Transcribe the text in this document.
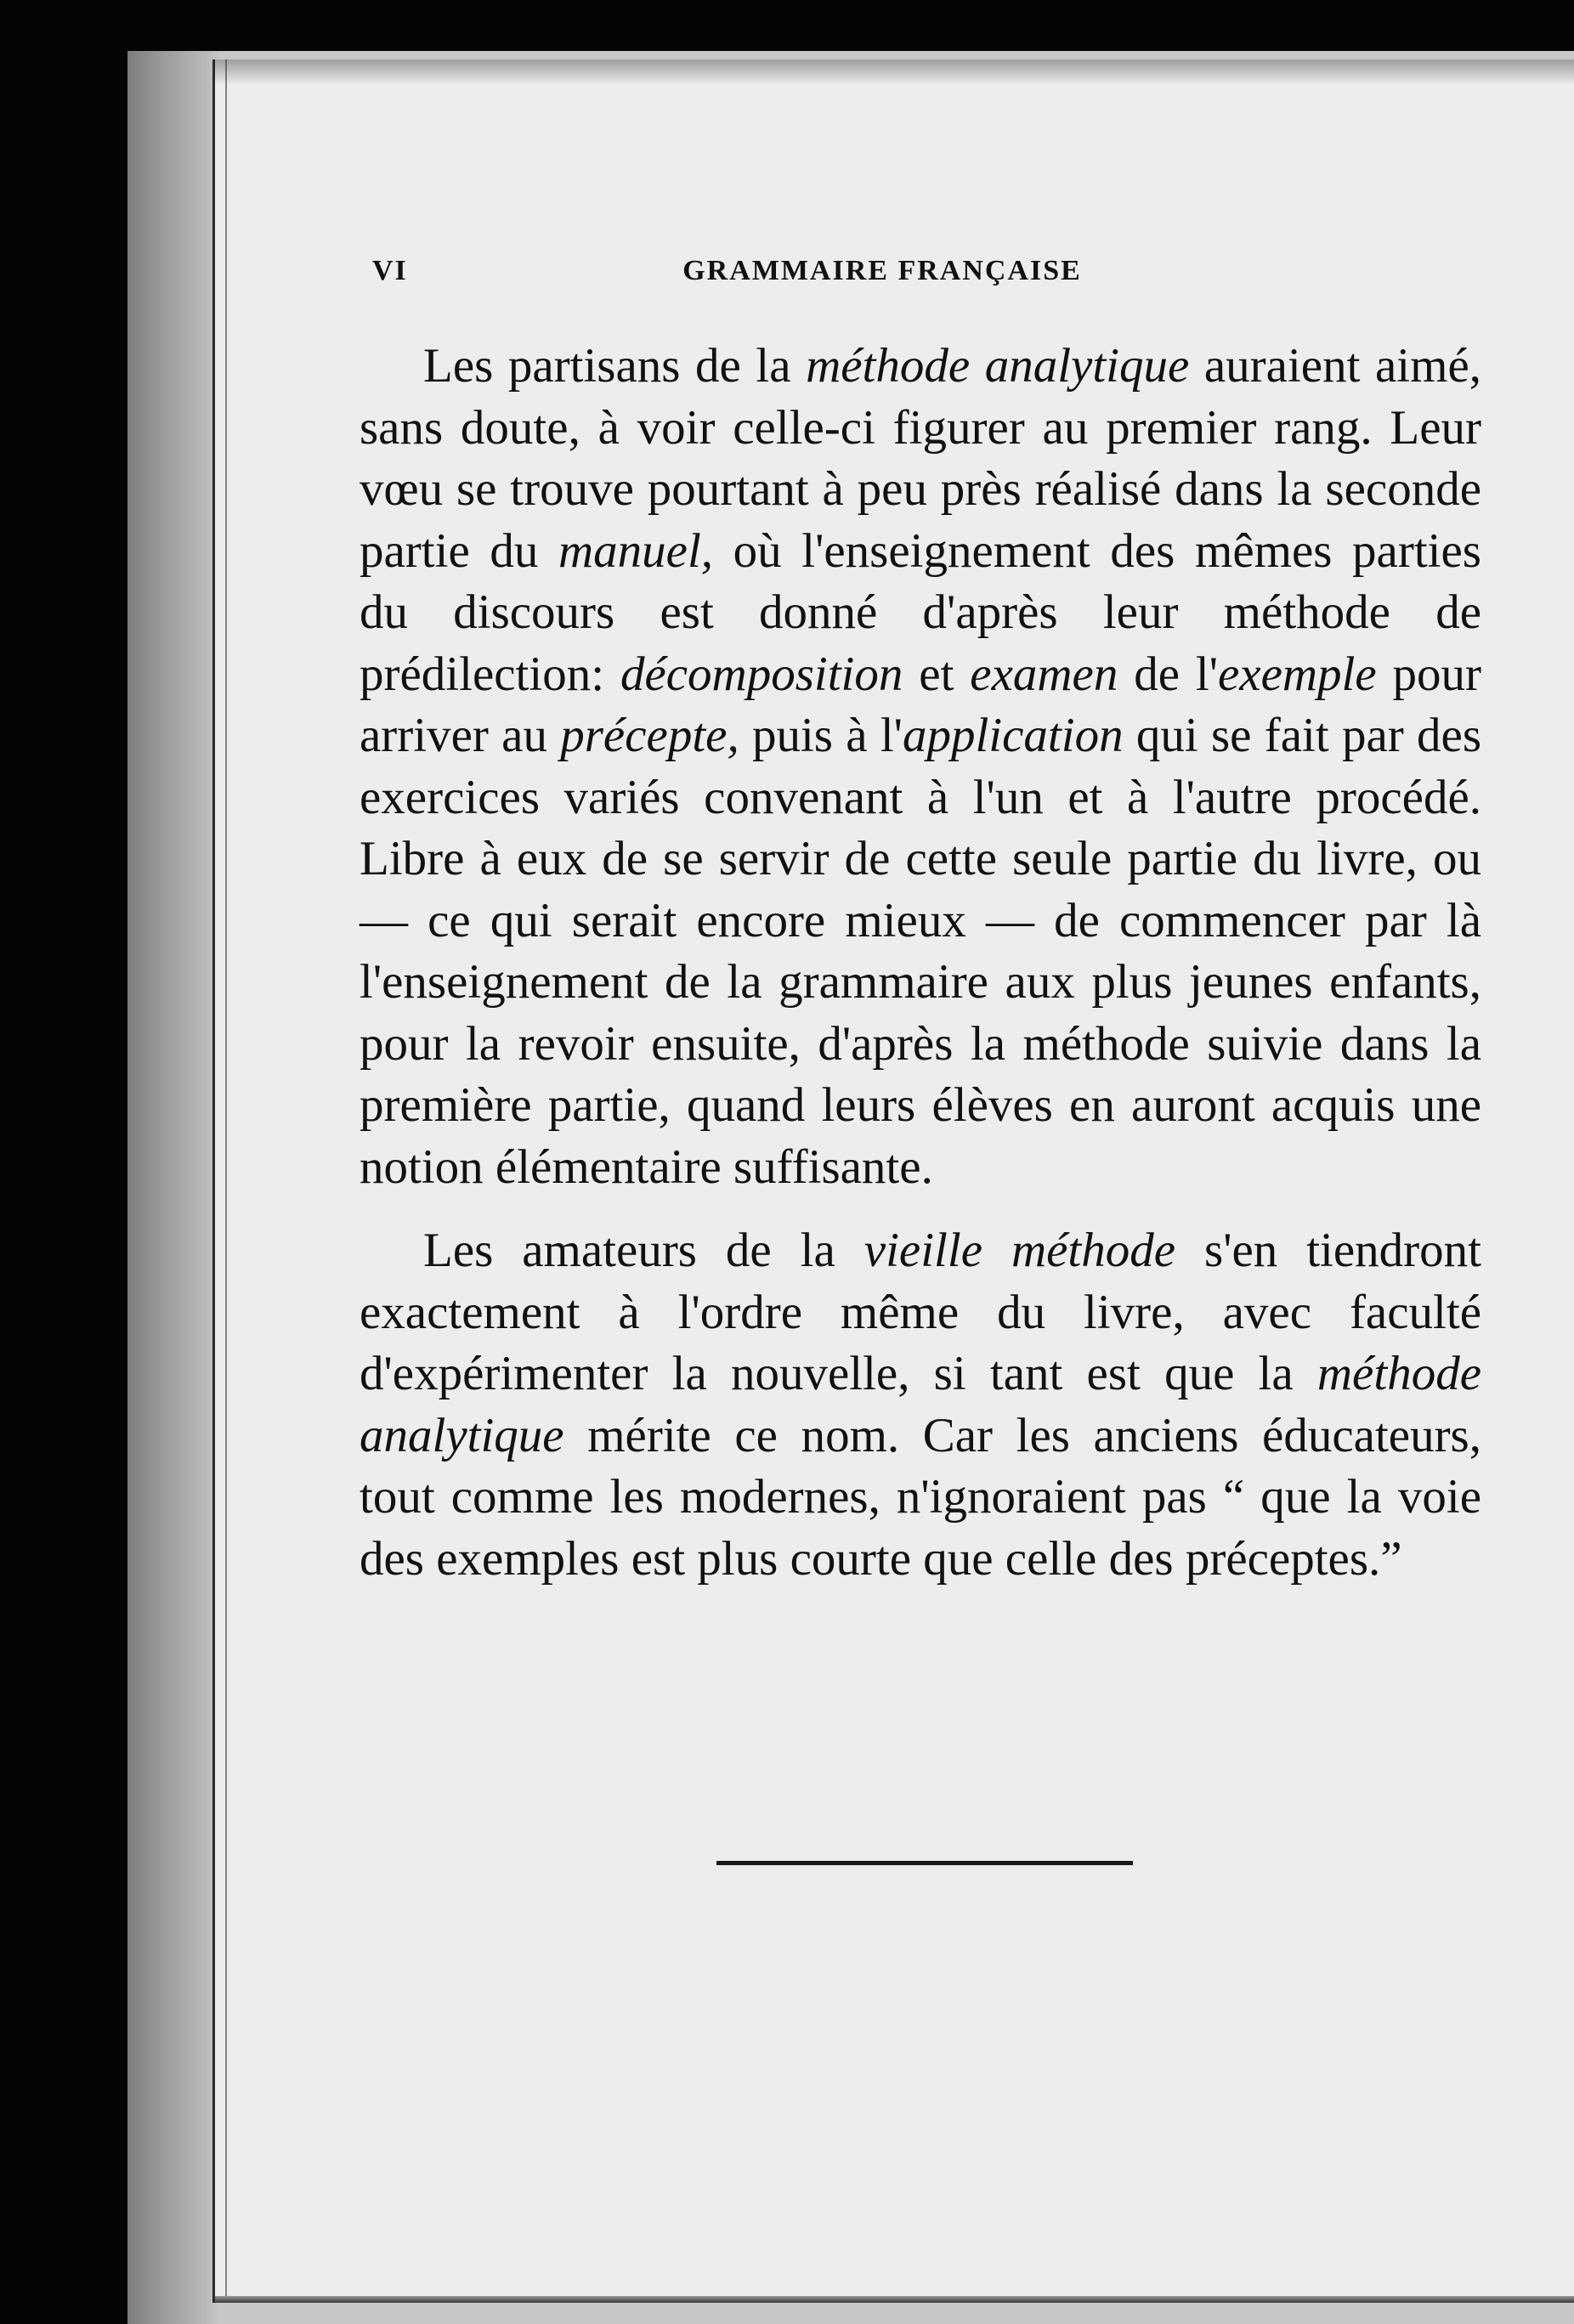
VI	GRAMMAIRE FRANÇAISE

Les partisans de la méthode analytique auraient aimé, sans doute, à voir celle-ci figurer au premier rang. Leur vœu se trouve pourtant à peu près réalisé dans la seconde partie du manuel, où l'enseignement des mêmes parties du discours est donné d'après leur méthode de prédilection: décomposition et examen de l'exemple pour arriver au précepte, puis à l'application qui se fait par des exercices variés convenant à l'un et à l'autre procédé. Libre à eux de se servir de cette seule partie du livre, ou — ce qui serait encore mieux — de commencer par là l'enseignement de la grammaire aux plus jeunes enfants, pour la revoir ensuite, d'après la méthode suivie dans la première partie, quand leurs élèves en auront acquis une notion élémentaire suffisante.

Les amateurs de la vieille méthode s'en tiendront exactement à l'ordre même du livre, avec faculté d'expérimenter la nouvelle, si tant est que la méthode analytique mérite ce nom. Car les anciens éducateurs, tout comme les modernes, n'ignoraient pas “ que la voie des exemples est plus courte que celle des préceptes.”
